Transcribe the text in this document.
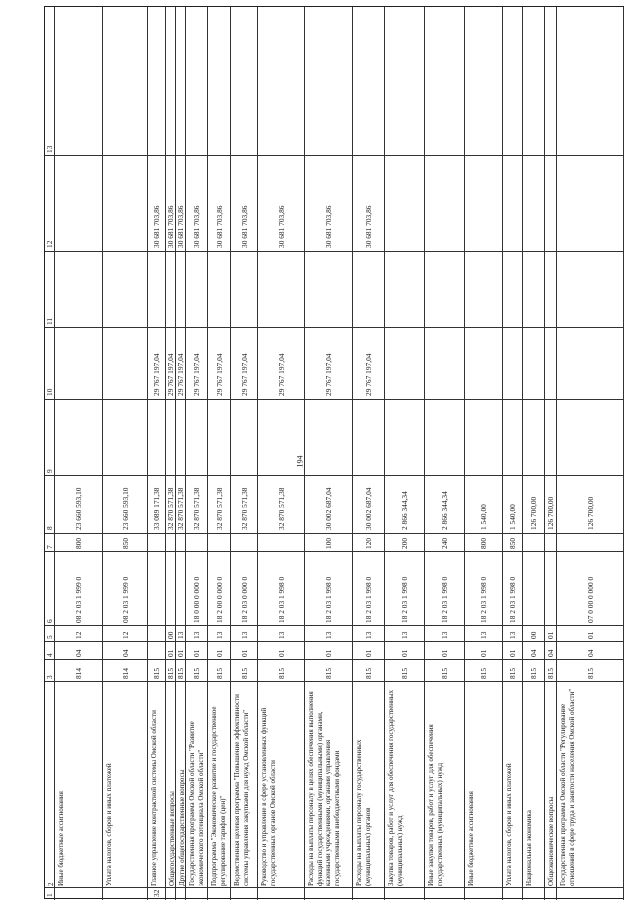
194
1
2
3
4
5
6
7
8
9
10
11
12
13
Иные бюджетные ассигнования
814
04
12
08 2 03 1 999 0
800
23 660 593,10
Уплата налогов, сборов и иных платежей
814
04
12
08 2 03 1 999 0
850
23 660 593,10
32
Главное управление контрактной системы Омской области
815
33 089 171,38
29 767 197,04
30 681 703,86
Общегосударственные вопросы
815
01
00
32 870 571,38
29 767 197,04
30 681 703,86
Другие общегосударственные вопросы
815
01
13
32 870 571,38
29 767 197,04
30 681 703,86
Государственная программа Омской области "Развитие экономического потенциала Омской области"
815
01
13
18 0 00 0 000 0
32 870 571,38
29 767 197,04
30 681 703,86
Подпрограмма "Экономическое развитие и государственное регулирование тарифов (цен)"
815
01
13
18 2 00 0 000 0
32 870 571,38
29 767 197,04
30 681 703,86
Ведомственная целевая программа "Повышение эффективности системы управления закупками для нужд Омской области"
815
01
13
18 2 03 0 000 0
32 870 571,38
29 767 197,04
30 681 703,86
Руководство и управление в сфере установленных функций государственных органов Омской области
815
01
13
18 2 03 1 998 0
32 870 571,38
29 767 197,04
30 681 703,86
Расходы на выплаты персоналу в целях обеспечения выполнения функций государственными (муниципальными) органами, казенными учреждениями, органами управления государственными внебюджетными фондами
815
01
13
18 2 03 1 998 0
100
30 002 687,04
29 767 197,04
30 681 703,86
Расходы на выплаты персоналу государственных (муниципальных) органов
815
01
13
18 2 03 1 998 0
120
30 002 687,04
29 767 197,04
30 681 703,86
Закупка товаров, работ и услуг для обеспечения государственных (муниципальных) нужд
815
01
13
18 2 03 1 998 0
200
2 866 344,34
Иные закупки товаров, работ и услуг для обеспечения государственных (муниципальных) нужд
815
01
13
18 2 03 1 998 0
240
2 866 344,34
Иные бюджетные ассигнования
815
01
13
18 2 03 1 998 0
800
1 540,00
Уплата налогов, сборов и иных платежей
815
01
13
18 2 03 1 998 0
850
1 540,00
Национальная экономика
815
04
00
126 700,00
Общеэкономические вопросы
815
04
01
126 700,00
Государственная программа Омской области "Регулирование отношений в сфере труда и занятости населения Омской области"
815
04
01
07 0 00 0 000 0
126 700,00
